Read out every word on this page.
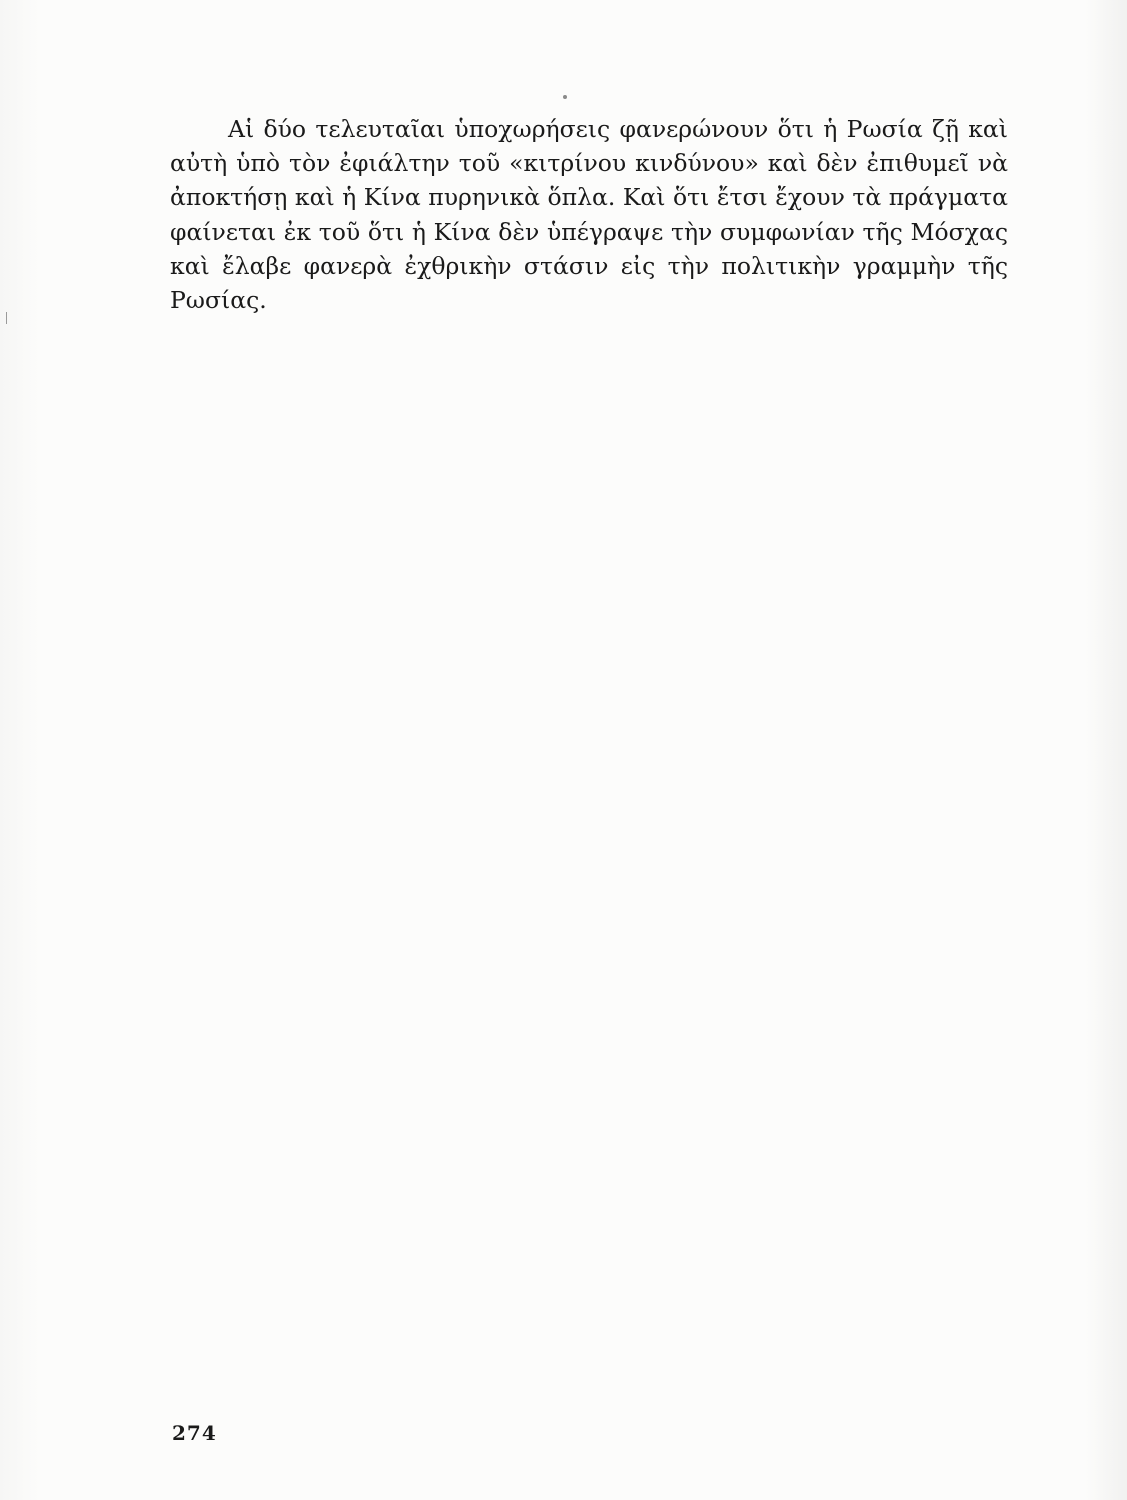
Αἱ δύο τελευταῖαι ὑποχωρήσεις φανερώνουν ὅτι ἡ Ρωσία ζῇ καὶ
αὐτὴ ὑπὸ τὸν ἐφιάλτην τοῦ «κιτρίνου κινδύνου» καὶ δὲν ἐπιθυμεῖ νὰ
ἀποκτήσῃ καὶ ἡ Κίνα πυρηνικὰ ὅπλα. Καὶ ὅτι ἔτσι ἔχουν τὰ πράγματα
φαίνεται ἐκ τοῦ ὅτι ἡ Κίνα δὲν ὑπέγραψε τὴν συμφωνίαν τῆς Μόσχας
καὶ ἔλαβε φανερὰ ἐχθρικὴν στάσιν εἰς τὴν πολιτικὴν γραμμὴν τῆς
Ρωσίας.

274
